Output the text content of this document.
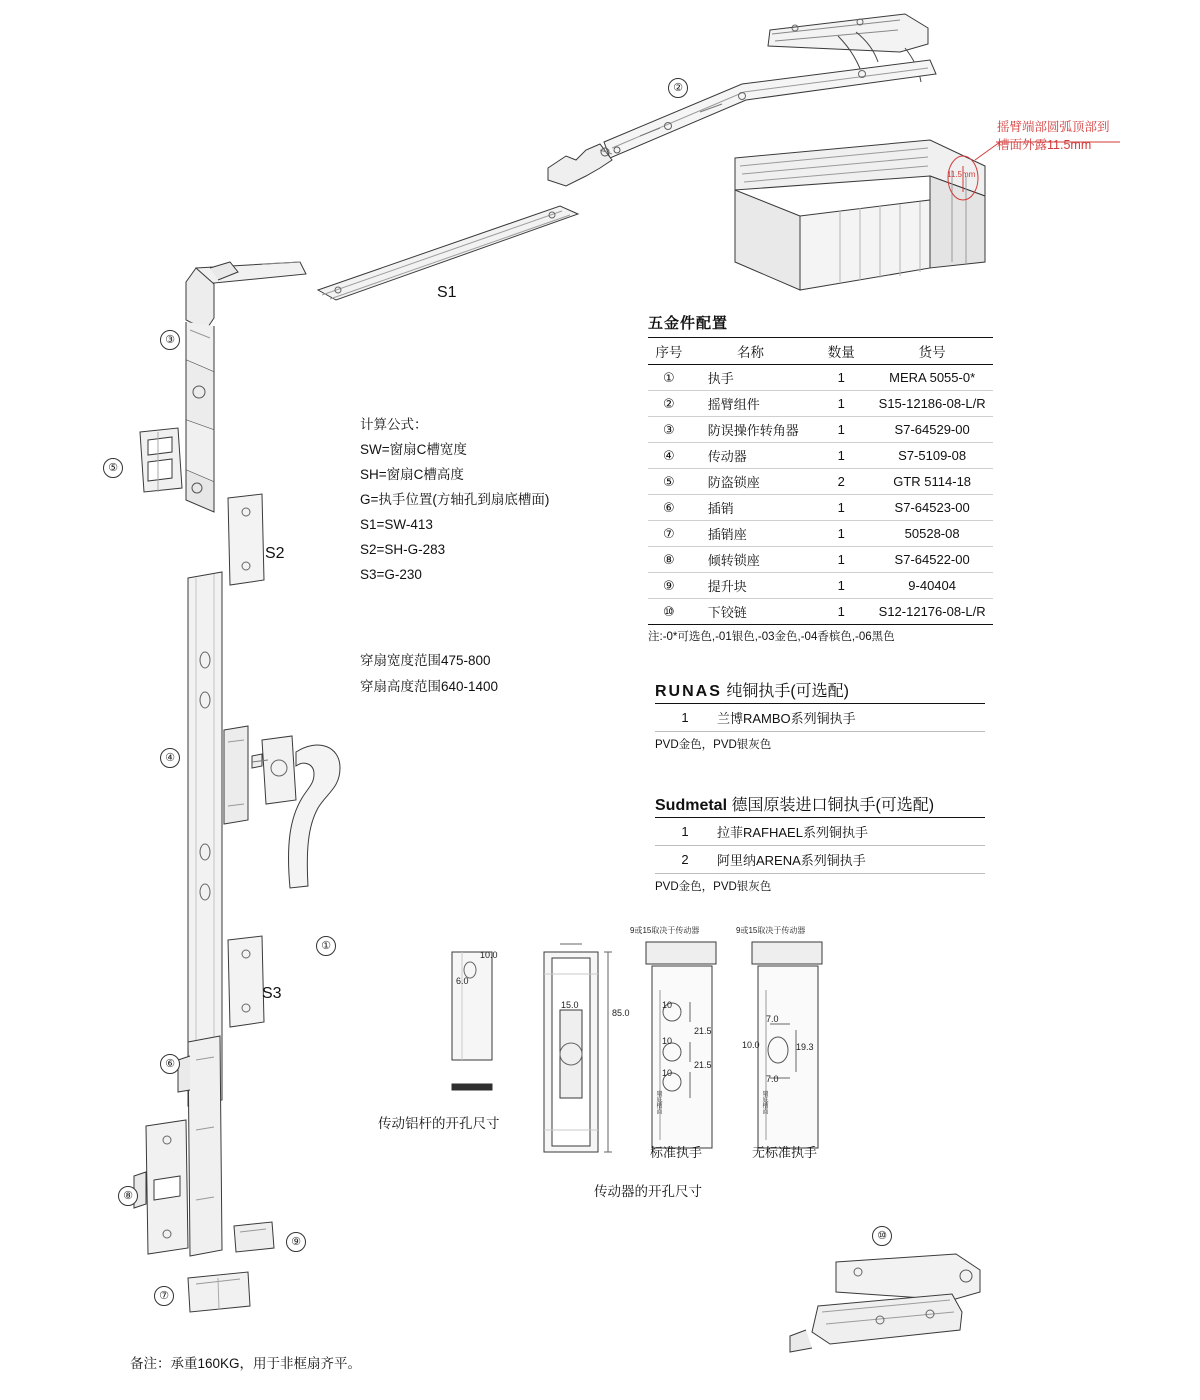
摇臂端部圆弧顶部到
槽面外露11.5mm
11.5mm
②
③
⑤
④
①
⑥
⑧
⑨
⑦
⑩
S1
S2
S3
计算公式：
SW=窗扇C槽宽度
SH=窗扇C槽高度
G=执手位置(方轴孔到扇底槽面)
S1=SW-413
S2=SH-G-283
S3=G-230
穿扇宽度范围475-800
穿扇高度范围640-1400
五金件配置
序号	名称	数量	货号
①	执手	1	MERA 5055-0*
②	摇臂组件	1	S15-12186-08-L/R
③	防误操作转角器	1	S7-64529-00
④	传动器	1	S7-5109-08
⑤	防盗锁座	2	GTR 5114-18
⑥	插销	1	S7-64523-00
⑦	插销座	1	50528-08
⑧	倾转锁座	1	S7-64522-00
⑨	提升块	1	9-40404
⑩	下铰链	1	S12-12176-08-L/R
注:-0*可选色,-01银色,-03金色,-04香槟色,-06黑色
RUNAS 纯铜执手(可选配)
1	兰博RAMBO系列铜执手
PVD金色，PVD银灰色
Sudmetal 德国原装进口铜执手(可选配)
1	拉菲RAFHAEL系列铜执手
2	阿里纳ARENA系列铜执手
PVD金色，PVD银灰色
10.0
6.0
15.0
85.0
9或15取决于传动器	9或15取决于传动器
10
10
10
21.5
21.5
7.0
10.0
7.0
19.3
扇底槽面	扇底槽面
传动铝杆的开孔尺寸
标准执手	无标准执手
传动器的开孔尺寸
备注：承重160KG，用于非框扇齐平。
